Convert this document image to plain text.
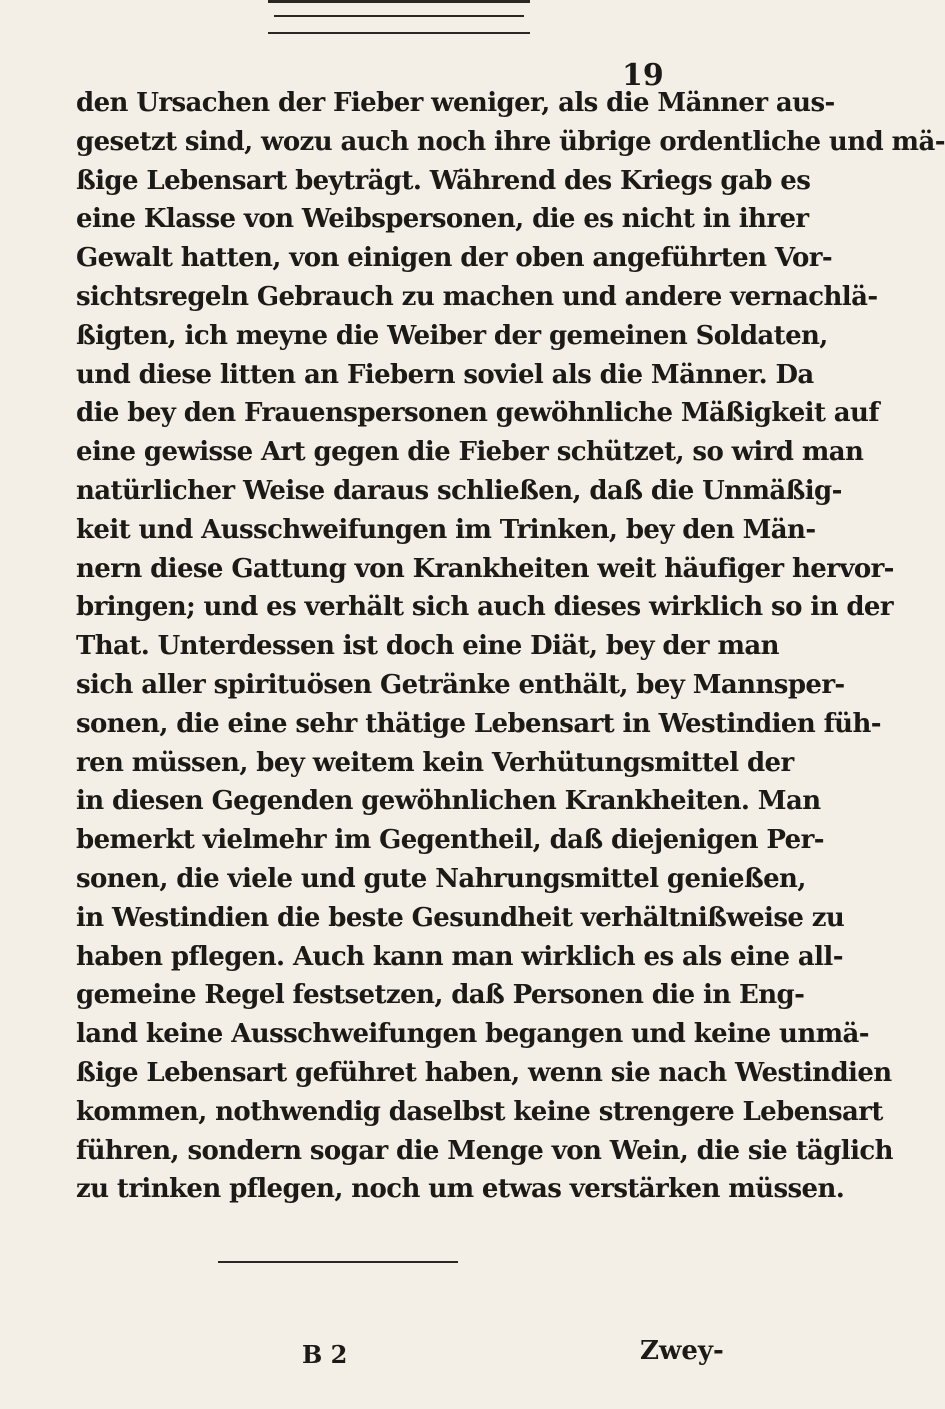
19
den Ursachen der Fieber weniger, als die Männer aus-
gesetzt sind, wozu auch noch ihre übrige ordentliche und mä-
ßige Lebensart beyträgt. Während des Kriegs gab es
eine Klasse von Weibspersonen, die es nicht in ihrer
Gewalt hatten, von einigen der oben angeführten Vor-
sichtsregeln Gebrauch zu machen und andere vernachlä-
ßigten, ich meyne die Weiber der gemeinen Soldaten,
und diese litten an Fiebern soviel als die Männer. Da
die bey den Frauenspersonen gewöhnliche Mäßigkeit auf
eine gewisse Art gegen die Fieber schützet, so wird man
natürlicher Weise daraus schließen, daß die Unmäßig-
keit und Ausschweifungen im Trinken, bey den Män-
nern diese Gattung von Krankheiten weit häufiger hervor-
bringen; und es verhält sich auch dieses wirklich so in der
That. Unterdessen ist doch eine Diät, bey der man
sich aller spirituösen Getränke enthält, bey Mannsper-
sonen, die eine sehr thätige Lebensart in Westindien füh-
ren müssen, bey weitem kein Verhütungsmittel der
in diesen Gegenden gewöhnlichen Krankheiten. Man
bemerkt vielmehr im Gegentheil, daß diejenigen Per-
sonen, die viele und gute Nahrungsmittel genießen,
in Westindien die beste Gesundheit verhältnißweise zu
haben pflegen. Auch kann man wirklich es als eine all-
gemeine Regel festsetzen, daß Personen die in Eng-
land keine Ausschweifungen begangen und keine unmä-
ßige Lebensart geführet haben, wenn sie nach Westindien
kommen, nothwendig daselbst keine strengere Lebensart
führen, sondern sogar die Menge von Wein, die sie täglich
zu trinken pflegen, noch um etwas verstärken müssen.
B 2	Zwey-
